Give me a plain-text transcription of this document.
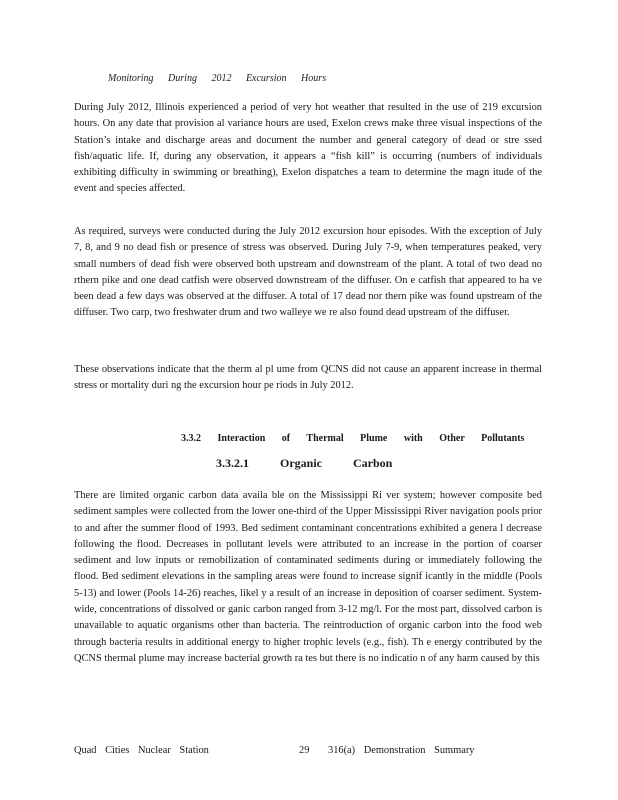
Monitoring During 2012 Excursion Hours

During July 2012, Illinois experienced a period of very hot weather that resulted in the use of 219 excursion hours. On any date that provision al variance hours are used, Exelon crews make three visual inspections of the Station’s intake and discharge areas and document the number and general category of dead or stre ssed fish/aquatic life. If, during any observation, it appears a “fish kill” is occurring (numbers of individuals exhibiting difficulty in swimming or breathing), Exelon dispatches a team to determine the magn itude of the event and species affected.

As required, surveys were conducted during the July 2012 excursion hour episodes. With the exception of July 7, 8, and 9 no dead fish or presence of stress was observed. During July 7-9, when temperatures peaked, very small numbers of dead fish were observed both upstream and downstream of the plant. A total of two dead no rthern pike and one dead catfish were observed downstream of the diffuser. On e catfish that appeared to ha ve been dead a few days was observed at the diffuser. A total of 17 dead nor thern pike was found upstream of the diffuser. Two carp, two freshwater drum and two walleye we re also found dead upstream of the diffuser.

These observations indicate that the therm al pl ume from QCNS did not cause an apparent increase in thermal stress or mortality duri ng the excursion hour pe riods in July 2012.

3.3.2 Interaction of Thermal Plume with Other Pollutants
3.3.2.1 Organic Carbon

There are limited organic carbon data availa ble on the Mississippi Ri ver system; however composite bed sediment samples were collected from the lower one-third of the Upper Mississippi River navigation pools prior to and after the summer flood of 1993. Bed sediment contaminant concentrations exhibited a genera l decrease following the flood. Decreases in pollutant levels were attributed to an increase in the portion of coarser sediment and low inputs or remobilization of contaminated sediments during or immediately following the flood. Bed sediment elevations in the sampling areas were found to increase signif icantly in the middle (Pools 5-13) and lower (Pools 14-26) reaches, likel y a result of an increase in deposition of coarser sediment. System-wide, concentrations of dissolved or ganic carbon ranged from 3-12 mg/l. For the most part, dissolved carbon is unavailable to aquatic organisms other than bacteria. The reintroduction of organic carbon into the food web through bacteria results in additional energy to higher trophic levels (e.g., fish). Th e energy contributed by the QCNS thermal plume may increase bacterial growth ra tes but there is no indicatio n of any harm caused by this

Quad Cities Nuclear Station	29 316(a) Demonstration Summary
